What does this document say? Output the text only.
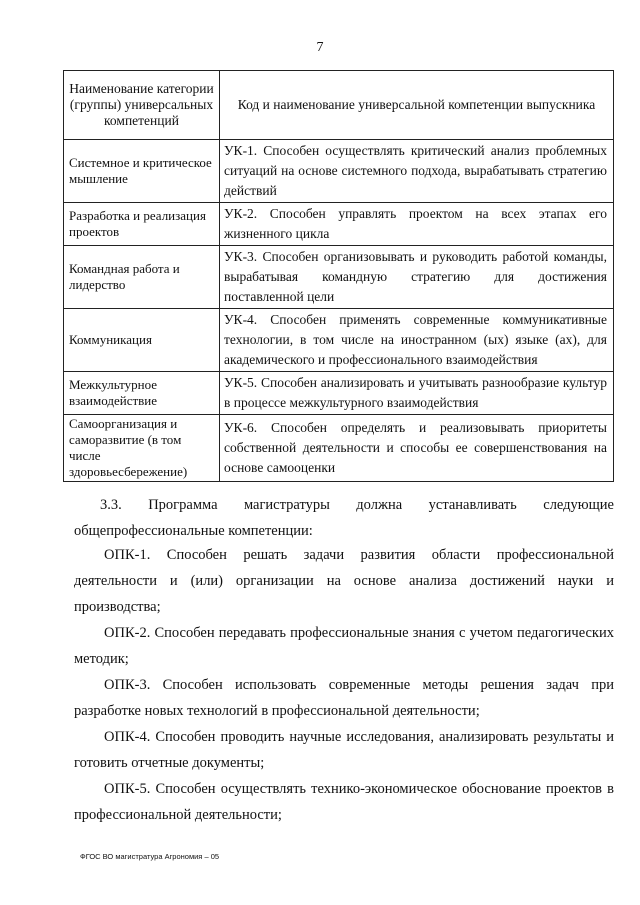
7
Наименование категории (группы) универсальных компетенций	Код и наименование универсальной компетенции выпускника
Системное и критическое мышление	УК-1. Способен осуществлять критический анализ проблемных ситуаций на основе системного подхода, вырабатывать стратегию действий
Разработка и реализация проектов	УК-2. Способен управлять проектом на всех этапах его жизненного цикла
Командная работа и лидерство	УК-3. Способен организовывать и руководить работой команды, вырабатывая командную стратегию для достижения поставленной цели
Коммуникация	УК-4. Способен применять современные коммуникативные технологии, в том числе на иностранном (ых) языке (ах), для академического и профессионального взаимодействия
Межкультурное взаимодействие	УК-5. Способен анализировать и учитывать разнообразие культур в процессе межкультурного взаимодействия
Самоорганизация и саморазвитие (в том числе здоровьесбережение)	УК-6. Способен определять и реализовывать приоритеты собственной деятельности и способы ее совершенствования на основе самооценки
3.3. Программа магистратуры должна устанавливать следующие общепрофессиональные компетенции:
ОПК-1. Способен решать задачи развития области профессиональной деятельности и (или) организации на основе анализа достижений науки и производства;
ОПК-2. Способен передавать профессиональные знания с учетом педагогических методик;
ОПК-3. Способен использовать современные методы решения задач при разработке новых технологий в профессиональной деятельности;
ОПК-4. Способен проводить научные исследования, анализировать результаты и готовить отчетные документы;
ОПК-5. Способен осуществлять технико-экономическое обоснование проектов в профессиональной деятельности;
ФГОС ВО магистратура Агрономия – 05
